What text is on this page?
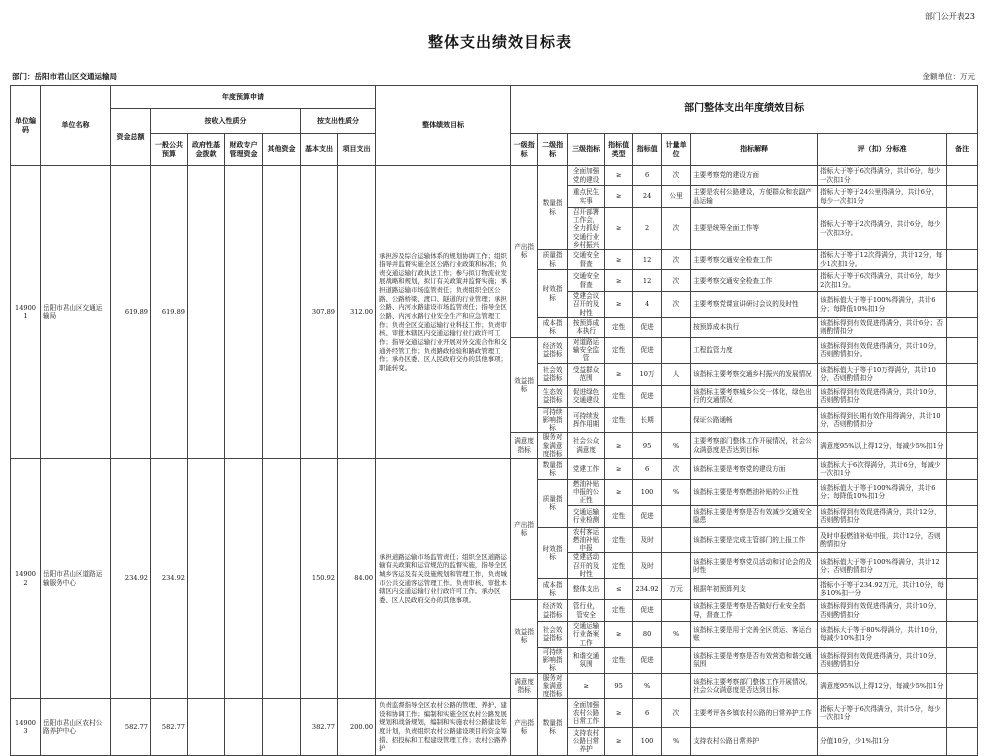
部门公开表23
整体支出绩效目标表
部门：岳阳市君山区交通运输局	金额单位：万元
单位编码	单位名称	年度预算申请							整体绩效目标	部门整体支出年度绩效目标								
		资金总额	按收入性质分				按支出性质分											
			一般公共预算	政府性基金拨款	财政专户管理资金	其他资金	基本支出	项目支出		一级指标	二级指标	三级指标	指标值类型	指标值	计量单位	指标解释	评（扣）分标准	备注
149001	岳阳市君山区交通运输局	619.89	619.89				307.89	312.00	承担涉及综合运输体系的规划协调工作；组织指导并监督实施全区公路行业政策和标准；负责交通运输行政执法工作；参与拟订物流业发展战略和规划，拟订有关政策并监督实施；承担道路运输市场监管责任；负责组织全区公路、公路桥梁、渡口、隧道的行业管理；承担公路、内河水路建设市场监管责任；指导全区公路、内河水路行业安全生产和应急管理工作；负责全区交通运输行业科技工作；负责审核、审批本辖区内交通运输行业行政许可工作；指导交通运输行业开展对外交流合作和交通外经管工作；负责路政检验和路政管理工作；承办区委、区人民政府交办的其他事项；职能转变。	产出指标	数量指标	全面加强党的建设	≥	6	次	主要考察党的建设方面	指标大于等于6次得满分，共计6分，每少一次扣1分	
												重点民生实事	≥	24	公里	主要是农村公路建设，方便群众和农副产品运输	指标大于等于24公里得满分，共计6分，每少一次扣1分	
												召开部署工作会，全力抓好交通行业乡村振兴	≥	2	次	主要是统筹全面工作等	指标大于等于2次得满分，共计6分，每少一次扣3分。	
											质量指标	交通安全督查	≥	12	次	主要考察交通安全检查工作	指标大于等于12次得满分，共计12分，每少1次扣1分。	
											时效指标	交通安全督查	≥	12	次	主要考察交通安全检查工作	指标大于等于6次得满分，共计6分，每少2次扣1分。	
												党建会议召开的及时性	≥	4	次	主要考察党课宣讲研讨会议的及时性	该指标值大于等于100%得满分，共计6分；每降低10%扣1分	
											成本指标	按预算成本执行	定性	促进		按预算成本执行	该指标得到有效促进得满分，共计6分；否则酌情扣分	
										效益指标	经济效益指标	对道路运输安全监管	定性	促进		工程监管力度	该指标得到有效促进得满分，共计10分，否则酌情扣分。	
											社会效益指标	受益群众范围	≥	10万	人	该指标主要考察交通乡村振兴的发展情况	该指标值大于等于10万得满分，共计10分，否则酌情扣分	
											生态效益指标	促进绿色交通建设	定性	促进		该指标主要考察城乡公交一体化，绿色出行的交通情况	该指标得到有效促进得满分，共计10分，否则酌情扣分	
											可持续影响指标	可持续发挥作用期	定性	长期		保证公路通畅	该指标得到长期有效作用得满分，共计10分，否则酌情扣分	
										满意度指标	服务对象满意度指标	社会公众满意度	≥	95	%	主要考察部门整体工作开展情况，社会公众满意度是否达到目标	满意度95%以上得12分，每减少5%扣1分	
149002	岳阳市君山区道路运输服务中心	234.92	234.92				150.92	84.00	承担道路运输市场监管责任；组织全区道路运输有关政策和运营规范的监督实施，指导全区城乡客运及有关设施规划和管理工作，负责城市公共交通客运管理工作。负责审核、审批本辖区内交通运输行业行政许可工作。承办区委、区人民政府交办的其他事项。	产出指标	数量指标	党建工作	≥	6	次	该指标主要是考察党的建设方面	该指标大于6次得满分，共计6分，每减少一次扣1分	
											质量指标	燃油补贴申报的公正性	≥	100	%	该指标主要是考察燃油补贴的公正性	该指标值大于等于100%得满分，共计6分；每降低10%扣1分	
												交通运输行业检测	定性	促进		该指标主要是考察是否有效减少交通安全隐患	该指标得到有效促进得满分，共计12分，否则酌情扣分	
											时效指标	农村客运燃油补贴申报	定性	及时		该指标主要是完成主管部门的上报工作	及时申报燃油补贴申报，共计12分，否则酌情扣分	
												党建活动召开的及时性	定性	及时		该指标主要是考察党员活动和讨论会的及时性	该指标值大于等于100%得满分，共计12分；否则酌情扣分	
											成本指标	整体支出	≤	234.92	万元	根据年初预算列支	指标小于等于234.92万元，共计10分，每多10%扣一分	
										效益指标	经济效益指标	管行业，管安全	定性	促进		该指标主要是考察是否做好行业安全指导，督查工作	该指标得到有效促进得满分，共计10分，否则酌情扣分	
											社会效益指标	交通运输行业备案工作	≥	80	%	该指标主要是用于完善全区货运、客运台账	该指标大于等于80%得满分，共计10分，每减少10%扣1分	
											可持续影响指标	和谐交通氛围	定性	促进		该指标主要是考察是否有效营造和谐交通氛围	该指标得到有效促进得满分，共计10分，否则酌情扣分	
										满意度指标	服务对象满意度指标	≥	95	%		该指标主要考察部门整体工作开展情况，社会公众满意度是否达到目标	满意度95%以上得12分，每减少5%扣1分	
149003	岳阳市君山区农村公路养护中心	582.77	582.77				382.77	200.00	负责监督指导全区农村公路的管理、养护、建设和协调工作；编制和实施全区农村公路发展规划和战备规划，编制和实施农村公路建设年度计划，负责组织农村公路建设项目的资金筹措、招投标和工程建设管理工作；农村公路养护	产出指标	数量指标	全面加强农村公路日常工作	≥	6	次	主要考评各乡镇农村公路的日常养护工作	指标大于等于6次得满分，共计5分，每少一次扣1分	
												支持农村公路日常养护	≥	100	%	支持农村公路日常养护	分值10分，少1%扣1分	
